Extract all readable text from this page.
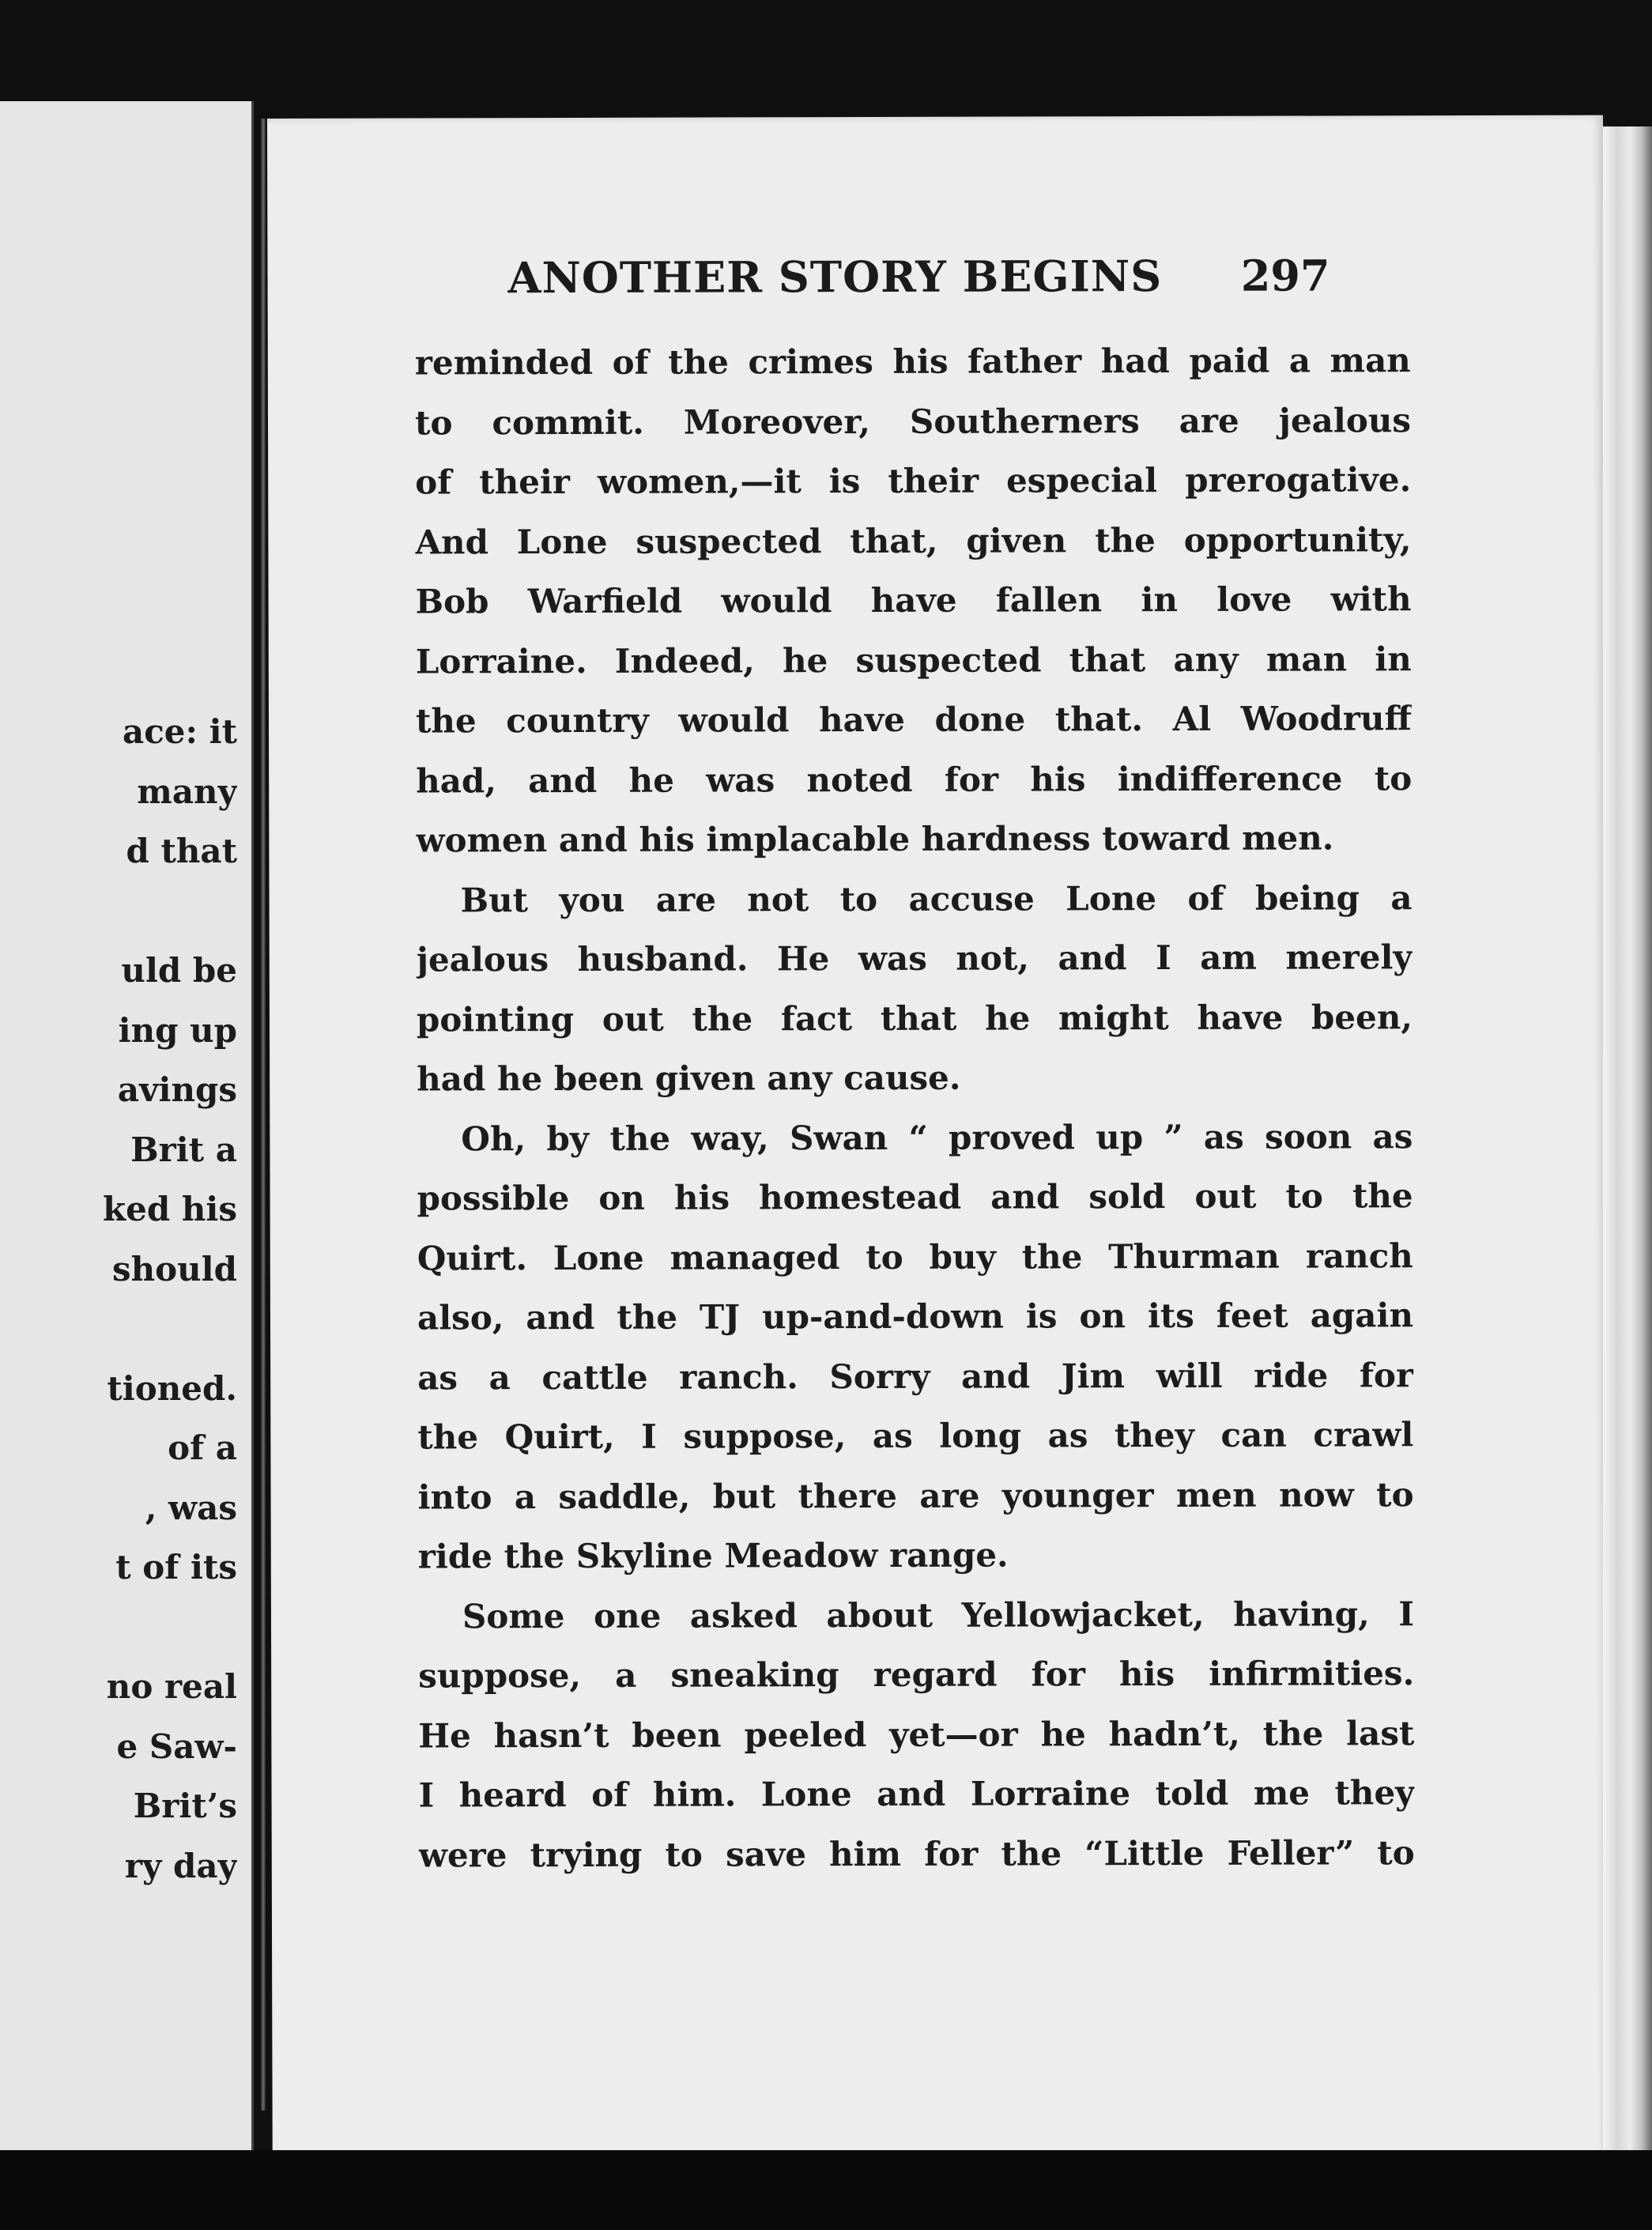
ace: it
many
d that
uld be
ing up
avings
Brit a
ked his
should
tioned.
of a
, was
t of its
no real
e Saw-
Brit’s
ry day
ANOTHER STORY BEGINS 297
reminded of the crimes his father had paid a man
to commit. Moreover, Southerners are jealous
of their women,—it is their especial prerogative.
And Lone suspected that, given the opportunity,
Bob Warfield would have fallen in love with
Lorraine. Indeed, he suspected that any man in
the country would have done that. Al Woodruff
had, and he was noted for his indifference to
women and his implacable hardness toward men.
But you are not to accuse Lone of being a
jealous husband. He was not, and I am merely
pointing out the fact that he might have been,
had he been given any cause.
Oh, by the way, Swan “ proved up ” as soon as
possible on his homestead and sold out to the
Quirt. Lone managed to buy the Thurman ranch
also, and the TJ up-and-down is on its feet again
as a cattle ranch. Sorry and Jim will ride for
the Quirt, I suppose, as long as they can crawl
into a saddle, but there are younger men now to
ride the Skyline Meadow range.
Some one asked about Yellowjacket, having, I
suppose, a sneaking regard for his infirmities.
He hasn’t been peeled yet—or he hadn’t, the last
I heard of him. Lone and Lorraine told me they
were trying to save him for the “Little Feller” to
